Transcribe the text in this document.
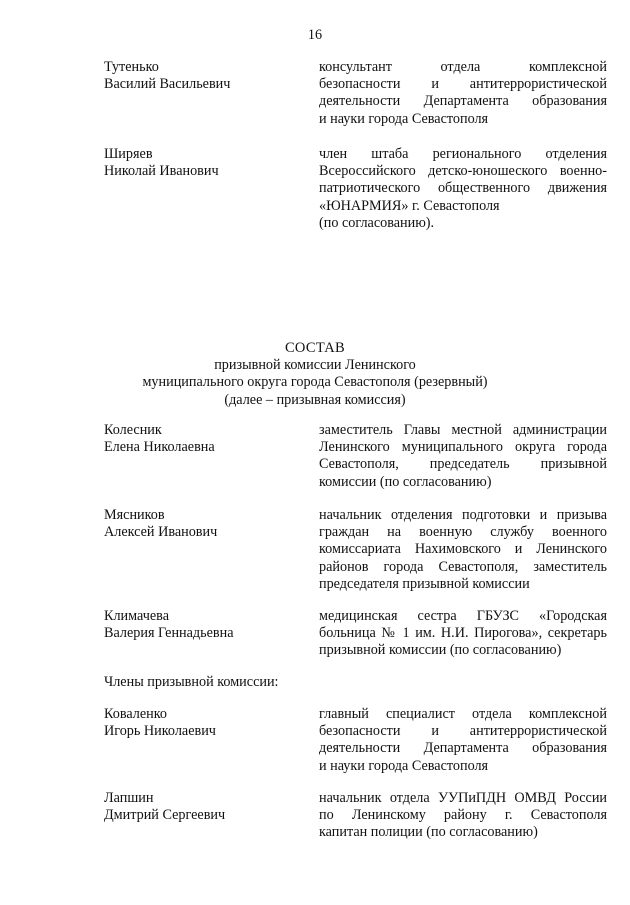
16
Тутенько
Василий Васильевич
консультант отдела комплексной
безопасности и антитеррористической
деятельности Департамента образования
и науки города Севастополя
Ширяев
Николай Иванович
член штаба регионального отделения
Всероссийского детско-юношеского военно-
патриотического общественного движения
«ЮНАРМИЯ» г. Севастополя
(по согласованию).
СОСТАВ
призывной комиссии Ленинского
муниципального округа города Севастополя (резервный)
(далее – призывная комиссия)
Колесник
Елена Николаевна
заместитель Главы местной администрации
Ленинского муниципального округа города
Севастополя, председатель призывной
комиссии (по согласованию)
Мясников
Алексей Иванович
начальник отделения подготовки и призыва
граждан на военную службу военного
комиссариата Нахимовского и Ленинского
районов города Севастополя, заместитель
председателя призывной комиссии
Климачева
Валерия Геннадьевна
медицинская сестра ГБУЗС «Городская
больница № 1 им. Н.И. Пирогова», секретарь
призывной комиссии (по согласованию)
Члены призывной комиссии:
Коваленко
Игорь Николаевич
главный специалист отдела комплексной
безопасности и антитеррористической
деятельности Департамента образования
и науки города Севастополя
Лапшин
Дмитрий Сергеевич
начальник отдела УУПиПДН ОМВД России
по Ленинскому району г. Севастополя
капитан полиции (по согласованию)
